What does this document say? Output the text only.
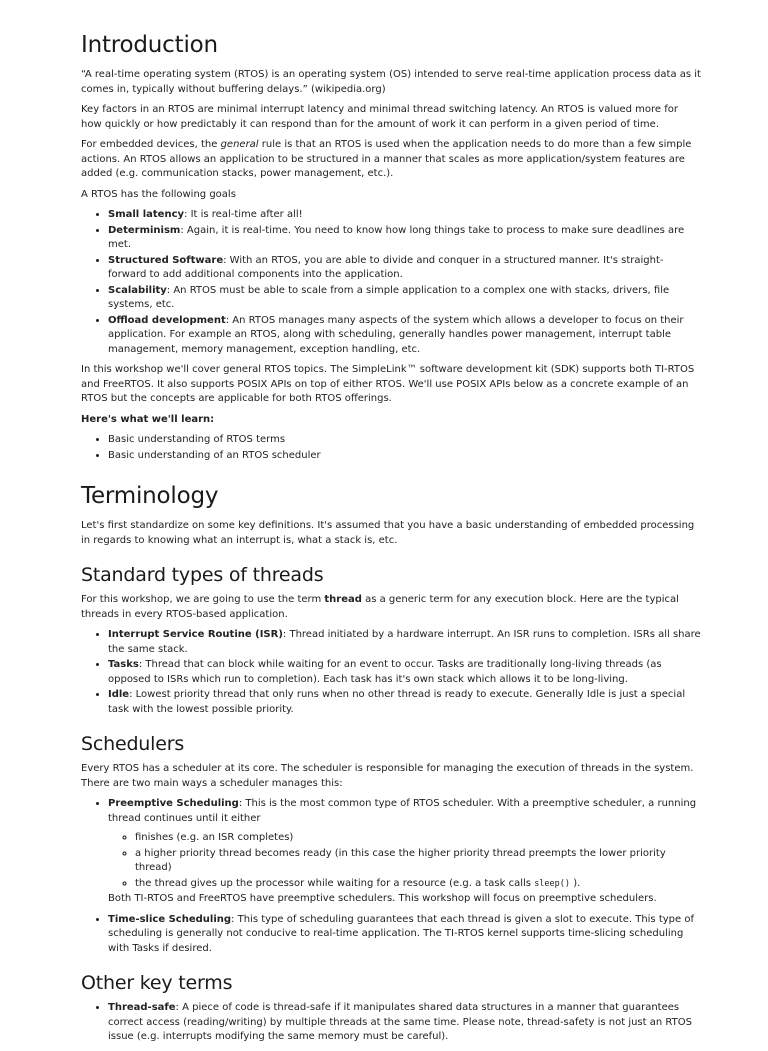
Introduction

“A real-time operating system (RTOS) is an operating system (OS) intended to serve real-time application process data as it comes in, typically without buffering delays.” (wikipedia.org)

Key factors in an RTOS are minimal interrupt latency and minimal thread switching latency. An RTOS is valued more for how quickly or how predictably it can respond than for the amount of work it can perform in a given period of time.

For embedded devices, the general rule is that an RTOS is used when the application needs to do more than a few simple actions. An RTOS allows an application to be structured in a manner that scales as more application/system features are added (e.g. communication stacks, power management, etc.).

A RTOS has the following goals

• Small latency: It is real-time after all!
• Determinism: Again, it is real-time. You need to know how long things take to process to make sure deadlines are met.
• Structured Software: With an RTOS, you are able to divide and conquer in a structured manner. It's straight-forward to add additional components into the application.
• Scalability: An RTOS must be able to scale from a simple application to a complex one with stacks, drivers, file systems, etc.
• Offload development: An RTOS manages many aspects of the system which allows a developer to focus on their application. For example an RTOS, along with scheduling, generally handles power management, interrupt table management, memory management, exception handling, etc.

In this workshop we'll cover general RTOS topics. The SimpleLink™ software development kit (SDK) supports both TI-RTOS and FreeRTOS. It also supports POSIX APIs on top of either RTOS. We'll use POSIX APIs below as a concrete example of an RTOS but the concepts are applicable for both RTOS offerings.

Here's what we'll learn:

• Basic understanding of RTOS terms
• Basic understanding of an RTOS scheduler
Terminology

Let's first standardize on some key definitions. It's assumed that you have a basic understanding of embedded processing in regards to knowing what an interrupt is, what a stack is, etc.

Standard types of threads

For this workshop, we are going to use the term thread as a generic term for any execution block. Here are the typical threads in every RTOS-based application.

• Interrupt Service Routine (ISR): Thread initiated by a hardware interrupt. An ISR runs to completion. ISRs all share the same stack.
• Tasks: Thread that can block while waiting for an event to occur. Tasks are traditionally long-living threads (as opposed to ISRs which run to completion). Each task has it's own stack which allows it to be long-living.
• Idle: Lowest priority thread that only runs when no other thread is ready to execute. Generally Idle is just a special task with the lowest possible priority.
Schedulers

Every RTOS has a scheduler at its core. The scheduler is responsible for managing the execution of threads in the system. There are two main ways a scheduler manages this:

• Preemptive Scheduling: This is the most common type of RTOS scheduler. With a preemptive scheduler, a running thread continues until it either
◦ finishes (e.g. an ISR completes)
◦ a higher priority thread becomes ready (in this case the higher priority thread preempts the lower priority thread)
◦ the thread gives up the processor while waiting for a resource (e.g. a task calls sleep() ).
Both TI-RTOS and FreeRTOS have preemptive schedulers. This workshop will focus on preemptive schedulers.
• Time-slice Scheduling: This type of scheduling guarantees that each thread is given a slot to execute. This type of scheduling is generally not conducive to real-time application. The TI-RTOS kernel supports time-slicing scheduling with Tasks if desired.
Other key terms
• Thread-safe: A piece of code is thread-safe if it manipulates shared data structures in a manner that guarantees correct access (reading/writing) by multiple threads at the same time. Please note, thread-safety is not just an RTOS issue (e.g. interrupts modifying the same memory must be careful).
